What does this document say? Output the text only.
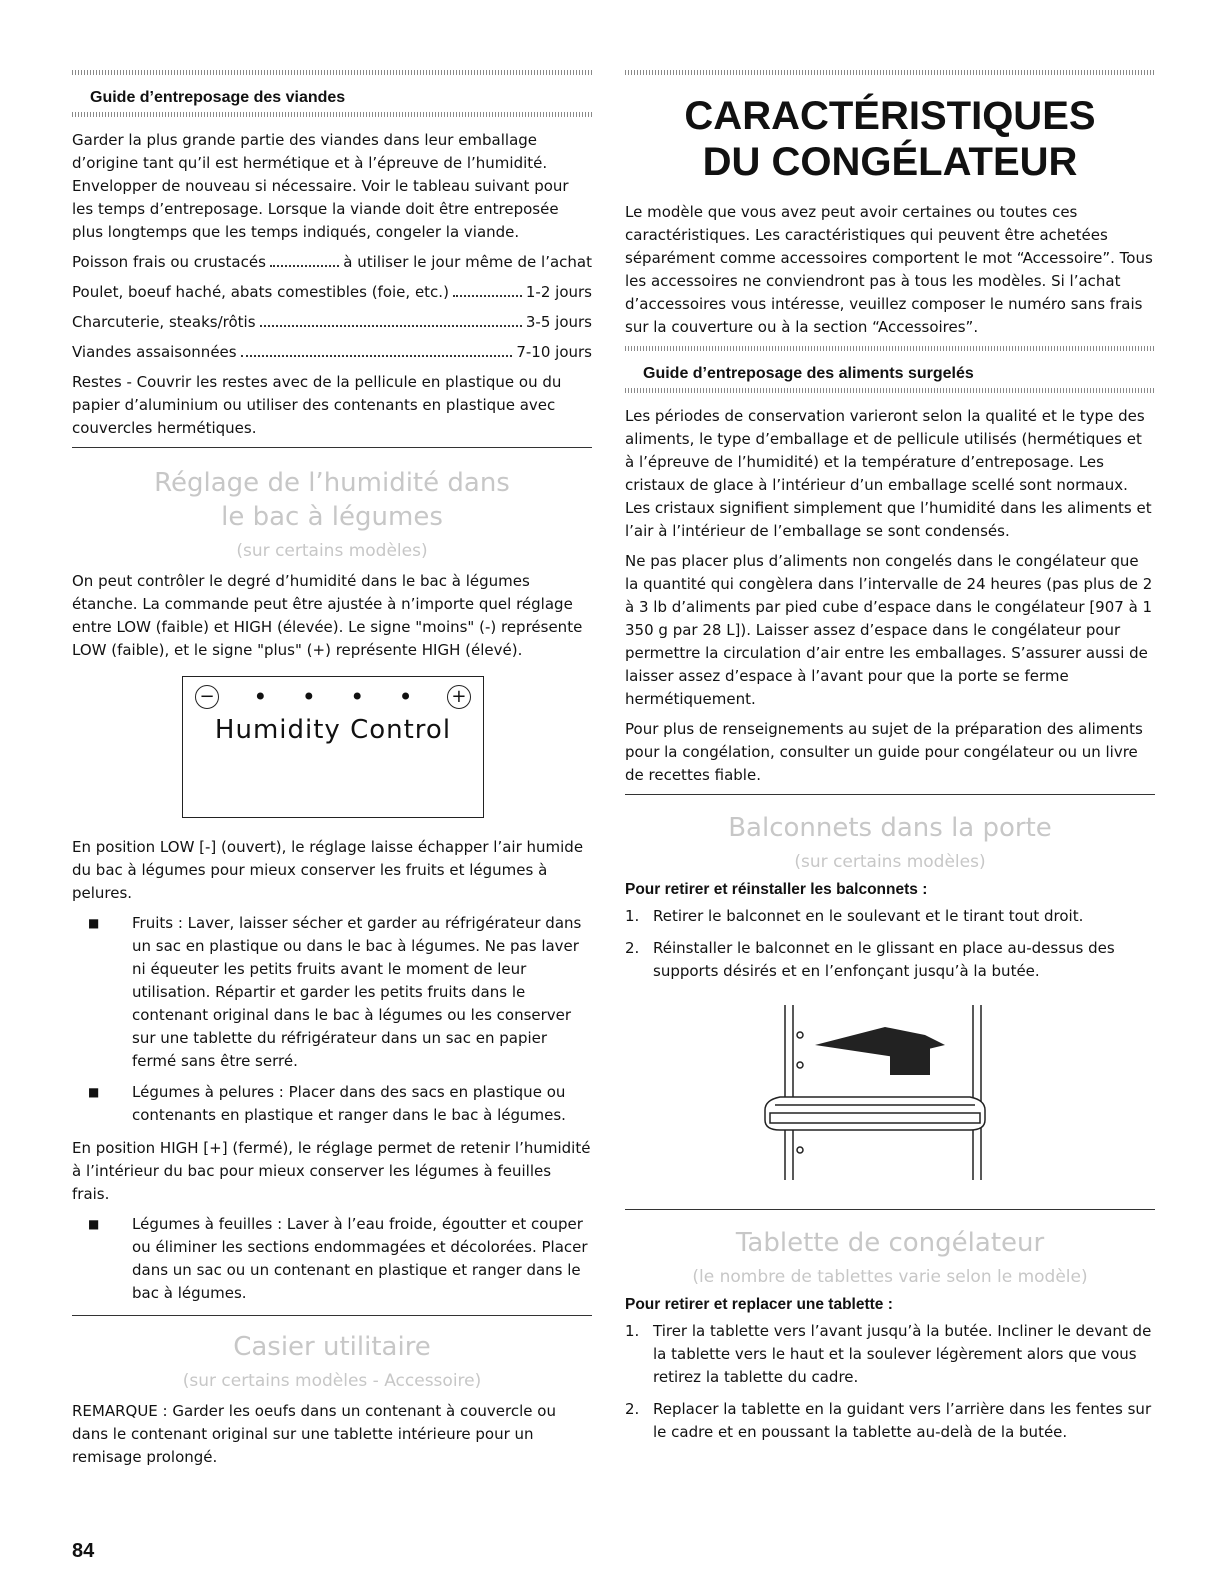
Guide d’entreposage des viandes

Garder la plus grande partie des viandes dans leur emballage d’origine tant qu’il est hermétique et à l’épreuve de l’humidité. Envelopper de nouveau si nécessaire. Voir le tableau suivant pour les temps d’entreposage. Lorsque la viande doit être entreposée plus longtemps que les temps indiqués, congeler la viande.

Poisson frais ou crustacés	à utiliser le jour même de l’achat
Poulet, boeuf haché, abats comestibles (foie, etc.)	1-2 jours
Charcuterie, steaks/rôtis	3-5 jours
Viandes assaisonnées	7-10 jours

Restes - Couvrir les restes avec de la pellicule en plastique ou du papier d’aluminium ou utiliser des contenants en plastique avec couvercles hermétiques.

Réglage de l’humidité dans
le bac à légumes
(sur certains modèles)

On peut contrôler le degré d’humidité dans le bac à légumes étanche. La commande peut être ajustée à n’importe quel réglage entre LOW (faible) et HIGH (élevée). Le signe "moins" (-) représente LOW (faible), et le signe "plus" (+) représente HIGH (élevé).

− • • • • +
Humidity Control

En position LOW [-] (ouvert), le réglage laisse échapper l’air humide du bac à légumes pour mieux conserver les fruits et légumes à pelures.

■ Fruits : Laver, laisser sécher et garder au réfrigérateur dans un sac en plastique ou dans le bac à légumes. Ne pas laver ni équeuter les petits fruits avant le moment de leur utilisation. Répartir et garder les petits fruits dans le contenant original dans le bac à légumes ou les conserver sur une tablette du réfrigérateur dans un sac en papier fermé sans être serré.
■ Légumes à pelures : Placer dans des sacs en plastique ou contenants en plastique et ranger dans le bac à légumes.

En position HIGH [+] (fermé), le réglage permet de retenir l’humidité à l’intérieur du bac pour mieux conserver les légumes à feuilles frais.

■ Légumes à feuilles : Laver à l’eau froide, égoutter et couper ou éliminer les sections endommagées et décolorées. Placer dans un sac ou un contenant en plastique et ranger dans le bac à légumes.
Casier utilitaire
(sur certains modèles - Accessoire)

REMARQUE : Garder les oeufs dans un contenant à couvercle ou dans le contenant original sur une tablette intérieure pour un remisage prolongé.

CARACTÉRISTIQUES
DU CONGÉLATEUR

Le modèle que vous avez peut avoir certaines ou toutes ces caractéristiques. Les caractéristiques qui peuvent être achetées séparément comme accessoires comportent le mot “Accessoire”. Tous les accessoires ne conviendront pas à tous les modèles. Si l’achat d’accessoires vous intéresse, veuillez composer le numéro sans frais sur la couverture ou à la section “Accessoires”.

Guide d’entreposage des aliments surgelés

Les périodes de conservation varieront selon la qualité et le type des aliments, le type d’emballage et de pellicule utilisés (hermétiques et à l’épreuve de l’humidité) et la température d’entreposage. Les cristaux de glace à l’intérieur d’un emballage scellé sont normaux. Les cristaux signifient simplement que l’humidité dans les aliments et l’air à l’intérieur de l’emballage se sont condensés.

Ne pas placer plus d’aliments non congelés dans le congélateur que la quantité qui congèlera dans l’intervalle de 24 heures (pas plus de 2 à 3 lb d’aliments par pied cube d’espace dans le congélateur [907 à 1 350 g par 28 L]). Laisser assez d’espace dans le congélateur pour permettre la circulation d’air entre les emballages. S’assurer aussi de laisser assez d’espace à l’avant pour que la porte se ferme hermétiquement.

Pour plus de renseignements au sujet de la préparation des aliments pour la congélation, consulter un guide pour congélateur ou un livre de recettes fiable.

Balconnets dans la porte
(sur certains modèles)
Pour retirer et réinstaller les balconnets :
1. Retirer le balconnet en le soulevant et le tirant tout droit.
2. Réinstaller le balconnet en le glissant en place au-dessus des supports désirés et en l’enfonçant jusqu’à la butée.
Tablette de congélateur
(le nombre de tablettes varie selon le modèle)
Pour retirer et replacer une tablette :
1. Tirer la tablette vers l’avant jusqu’à la butée. Incliner le devant de la tablette vers le haut et la soulever légèrement alors que vous retirez la tablette du cadre.
2. Replacer la tablette en la guidant vers l’arrière dans les fentes sur le cadre et en poussant la tablette au-delà de la butée.
84
